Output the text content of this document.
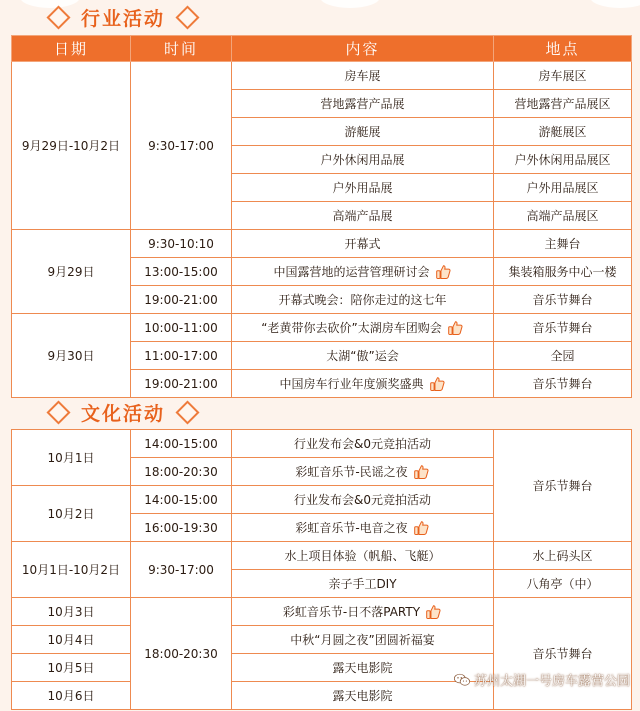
行业活动
日期	时间	内容	地点
9月29日-10月2日	9:30-17:00	房车展	房车展区
		营地露营产品展	营地露营产品展区
		游艇展	游艇展区
		户外休闲用品展	户外休闲用品展区
		户外用品展	户外用品展区
		高端产品展	高端产品展区
9月29日	9:30-10:10	开幕式	主舞台
	13:00-15:00	中国露营地的运营管理研讨会	集装箱服务中心一楼
	19:00-21:00	开幕式晚会：陪你走过的这七年	音乐节舞台
9月30日	10:00-11:00	“老黄带你去砍价”太湖房车团购会	音乐节舞台
	11:00-17:00	太湖“傲”运会	全园
	19:00-21:00	中国房车行业年度颁奖盛典	音乐节舞台
文化活动
10月1日	14:00-15:00	行业发布会&0元竞拍活动	音乐节舞台
	18:00-20:30	彩虹音乐节-民谣之夜	
10月2日	14:00-15:00	行业发布会&0元竞拍活动	
	16:00-19:30	彩虹音乐节-电音之夜	
10月1日-10月2日	9:30-17:00	水上项目体验（帆船、飞艇）	水上码头区
		亲子手工DIY	八角亭（中）
10月3日	18:00-20:30	彩虹音乐节-日不落PARTY	音乐节舞台
10月4日		中秋“月圆之夜”团圆祈福宴	
10月5日		露天电影院	
10月6日		露天电影院	
苏州太湖一号房车露营公园
